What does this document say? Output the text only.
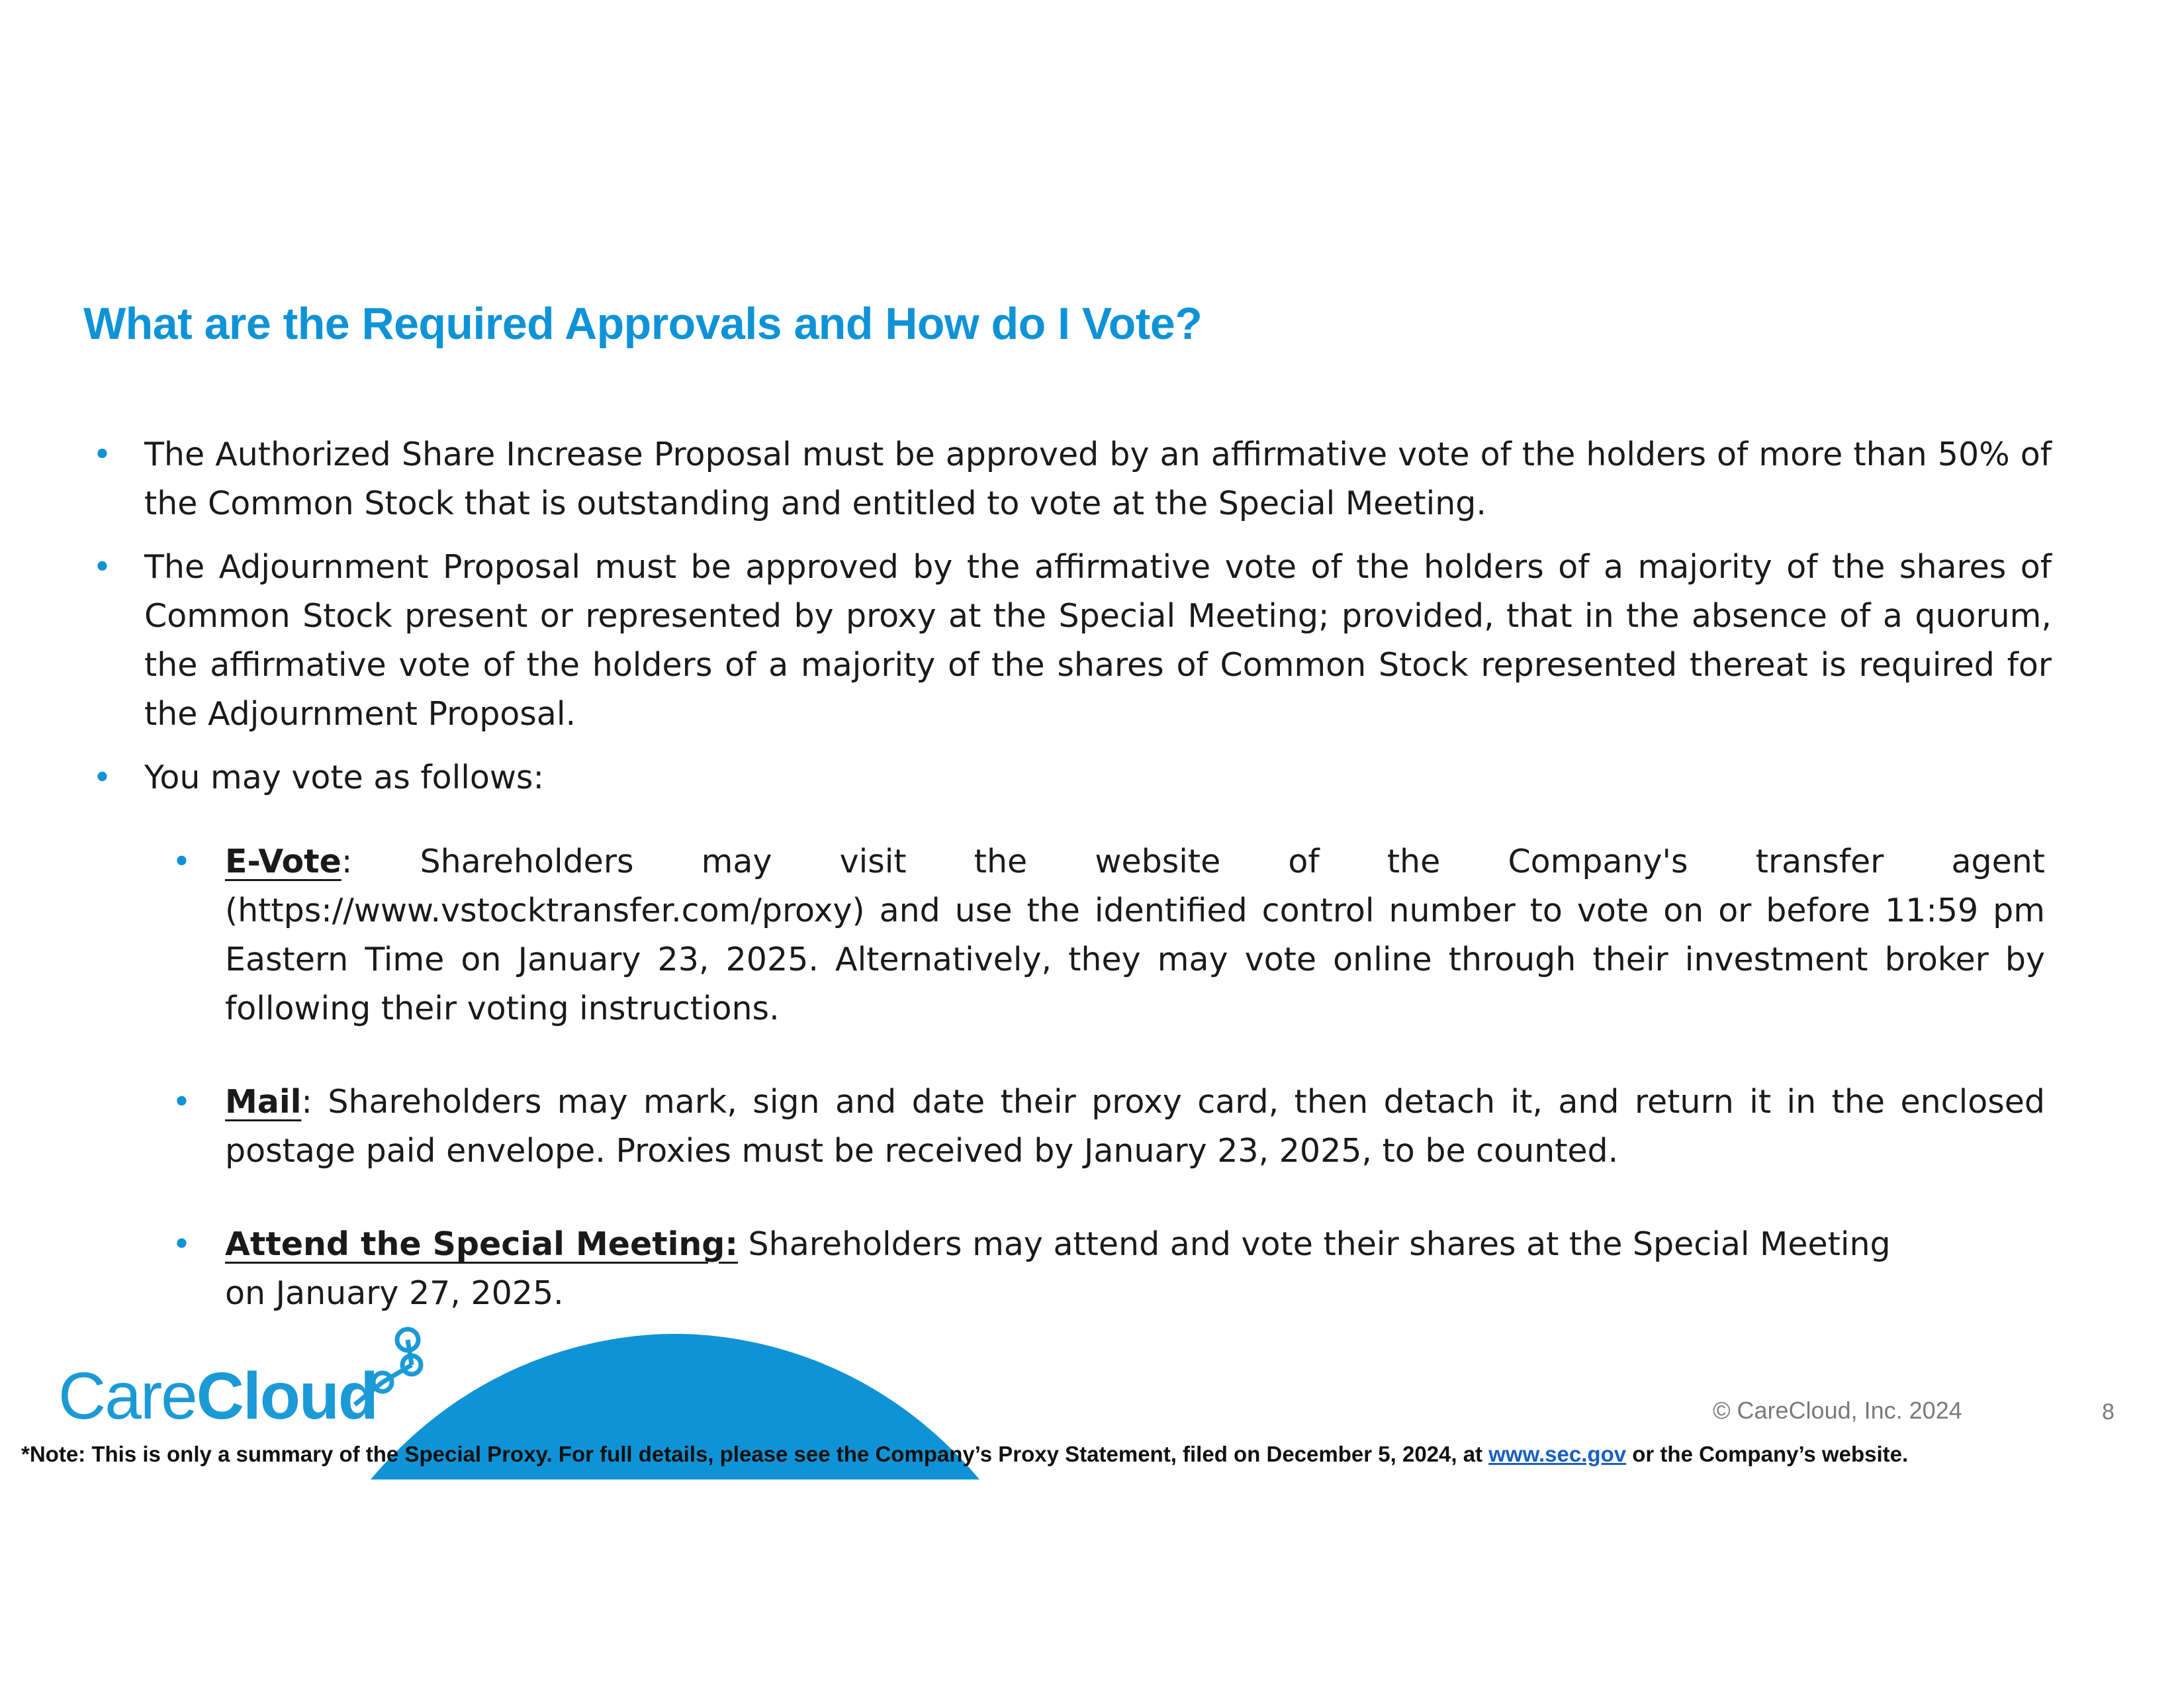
What are the Required Approvals and How do I Vote?
• The Authorized Share Increase Proposal must be approved by an affirmative vote of the holders of more than 50% of the Common Stock that is outstanding and entitled to vote at the Special Meeting.
• The Adjournment Proposal must be approved by the affirmative vote of the holders of a majority of the shares of Common Stock present or represented by proxy at the Special Meeting; provided, that in the absence of a quorum, the affirmative vote of the holders of a majority of the shares of Common Stock represented thereat is required for the Adjournment Proposal.
• You may vote as follows:
• E-Vote: Shareholders may visit the website of the Company's transfer agent (https://www.vstocktransfer.com/proxy) and use the identified control number to vote on or before 11:59 pm Eastern Time on January 23, 2025. Alternatively, they may vote online through their investment broker by following their voting instructions.
• Mail: Shareholders may mark, sign and date their proxy card, then detach it, and return it in the enclosed postage paid envelope. Proxies must be received by January 23, 2025, to be counted.
• Attend the Special Meeting: Shareholders may attend and vote their shares at the Special Meeting
on January 27, 2025.
CareCloud	© CareCloud, Inc. 2024	8
*Note: This is only a summary of the Special Proxy. For full details, please see the Company’s Proxy Statement, filed on December 5, 2024, at www.sec.gov or the Company’s website.
